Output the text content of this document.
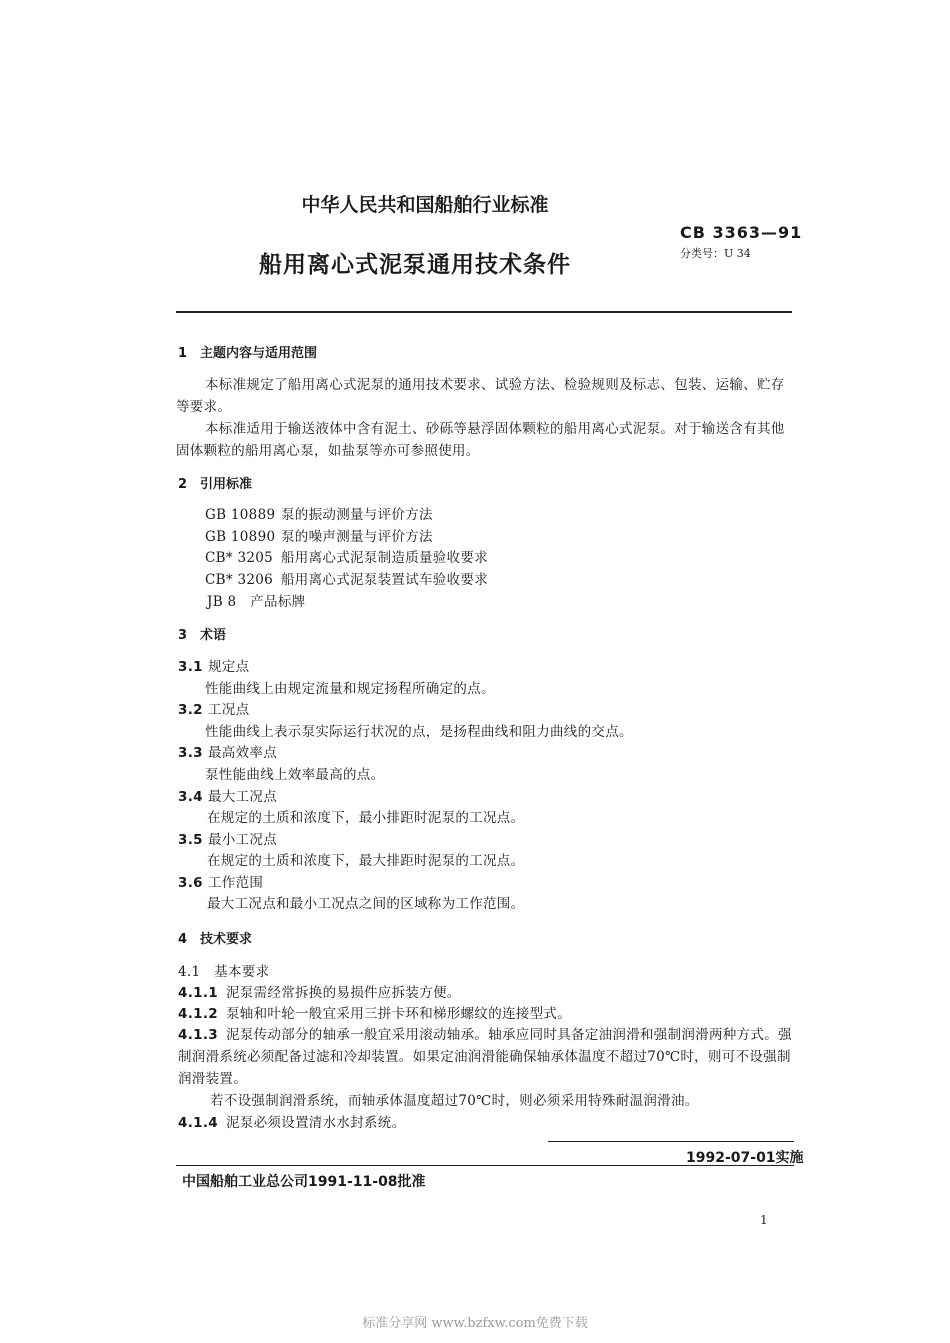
中华人民共和国船舶行业标准
船用离心式泥泵通用技术条件
CB 3363—91
分类号：U 34
1　主题内容与适用范围
本标准规定了船用离心式泥泵的通用技术要求、试验方法、检验规则及标志、包装、运输、贮存
等要求。
本标准适用于输送液体中含有泥土、砂砾等悬浮固体颗粒的船用离心式泥泵。对于输送含有其他
固体颗粒的船用离心泵，如盐泵等亦可参照使用。
2　引用标准
GB 10889 泵的振动测量与评价方法
GB 10890 泵的噪声测量与评价方法
CB* 3205 船用离心式泥泵制造质量验收要求
CB* 3206 船用离心式泥泵装置试车验收要求
JB 8　产品标牌
3　术语
3.1 规定点
性能曲线上由规定流量和规定扬程所确定的点。
3.2 工况点
性能曲线上表示泵实际运行状况的点，是扬程曲线和阻力曲线的交点。
3.3 最高效率点
泵性能曲线上效率最高的点。
3.4 最大工况点
在规定的土质和浓度下，最小排距时泥泵的工况点。
3.5 最小工况点
在规定的土质和浓度下，最大排距时泥泵的工况点。
3.6 工作范围
最大工况点和最小工况点之间的区域称为工作范围。
4　技术要求
4.1　基本要求
4.1.1 泥泵需经常拆换的易损件应拆装方便。
4.1.2 泵轴和叶轮一般宜采用三拼卡环和梯形螺纹的连接型式。
4.1.3 泥泵传动部分的轴承一般宜采用滚动轴承。轴承应同时具备定油润滑和强制润滑两种方式。强
制润滑系统必须配备过滤和冷却装置。如果定油润滑能确保轴承体温度不超过70℃时，则可不设强制
润滑装置。
若不设强制润滑系统，而轴承体温度超过70℃时，则必须采用特殊耐温润滑油。
4.1.4 泥泵必须设置清水水封系统。
1992-07-01实施
中国船舶工业总公司1991-11-08批准
1
标准分享网 www.bzfxw.com免费下载
